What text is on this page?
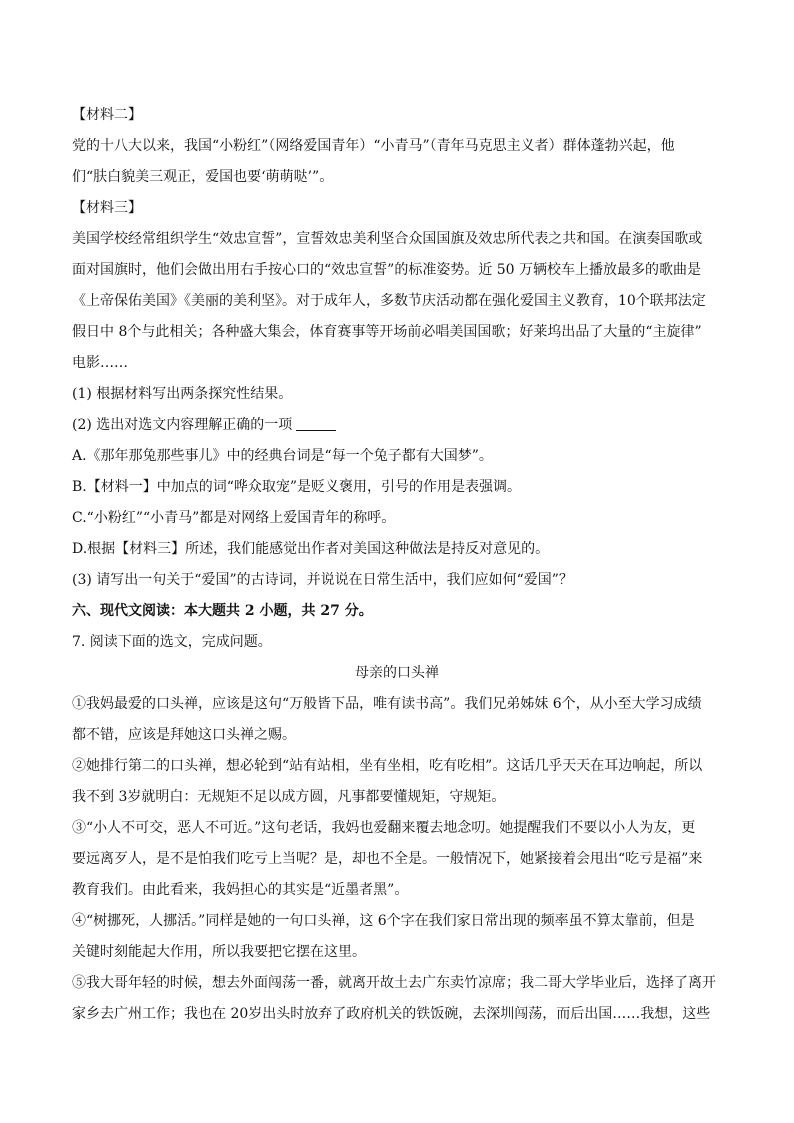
【材料二】

党的十八大以来，我国“小粉红”（网络爱国青年）“小青马”（青年马克思主义者）群体蓬勃兴起，他
们“肤白貌美三观正，爱国也要‘萌萌哒’”。

【材料三】

美国学校经常组织学生“效忠宣誓”，宣誓效忠美利坚合众国国旗及效忠所代表之共和国。在演奏国歌或
面对国旗时，他们会做出用右手按心口的“效忠宣誓”的标准姿势。近 50 万辆校车上播放最多的歌曲是
《上帝保佑美国》《美丽的美利坚》。对于成年人，多数节庆活动都在强化爱国主义教育，10个联邦法定
假日中 8个与此相关；各种盛大集会，体育赛事等开场前必唱美国国歌；好莱坞出品了大量的“主旋律”
电影……

(1) 根据材料写出两条探究性结果。

(2) 选出对选文内容理解正确的一项

A.《那年那兔那些事儿》中的经典台词是“每一个兔子都有大国梦”。

B.【材料一】中加点的词“哗众取宠”是贬义褒用，引号的作用是表强调。

C.“小粉红”“小青马”都是对网络上爱国青年的称呼。

D.根据【材料三】所述，我们能感觉出作者对美国这种做法是持反对意见的。

(3) 请写出一句关于“爱国”的古诗词，并说说在日常生活中，我们应如何“爱国”？

六、现代文阅读：本大题共 2 小题，共 27 分。

7. 阅读下面的选文，完成问题。

母亲的口头禅

①我妈最爱的口头禅，应该是这句“万般皆下品，唯有读书高”。我们兄弟姊妹 6个，从小至大学习成绩
都不错，应该是拜她这口头禅之赐。

②她排行第二的口头禅，想必轮到“站有站相，坐有坐相，吃有吃相”。这话几乎天天在耳边响起，所以
我不到 3岁就明白：无规矩不足以成方圆，凡事都要懂规矩，守规矩。

③“小人不可交，恶人不可近。”这句老话，我妈也爱翻来覆去地念叨。她提醒我们不要以小人为友，更
要远离歹人，是不是怕我们吃亏上当呢？是，却也不全是。一般情况下，她紧接着会甩出“吃亏是福”来
教育我们。由此看来，我妈担心的其实是“近墨者黑”。

④“树挪死，人挪活。”同样是她的一句口头禅，这 6个字在我们家日常出现的频率虽不算太靠前，但是
关键时刻能起大作用，所以我要把它摆在这里。

⑤我大哥年轻的时候，想去外面闯荡一番，就离开故土去广东卖竹凉席；我二哥大学毕业后，选择了离开
家乡去广州工作；我也在 20岁出头时放弃了政府机关的铁饭碗，去深圳闯荡，而后出国……我想，这些
